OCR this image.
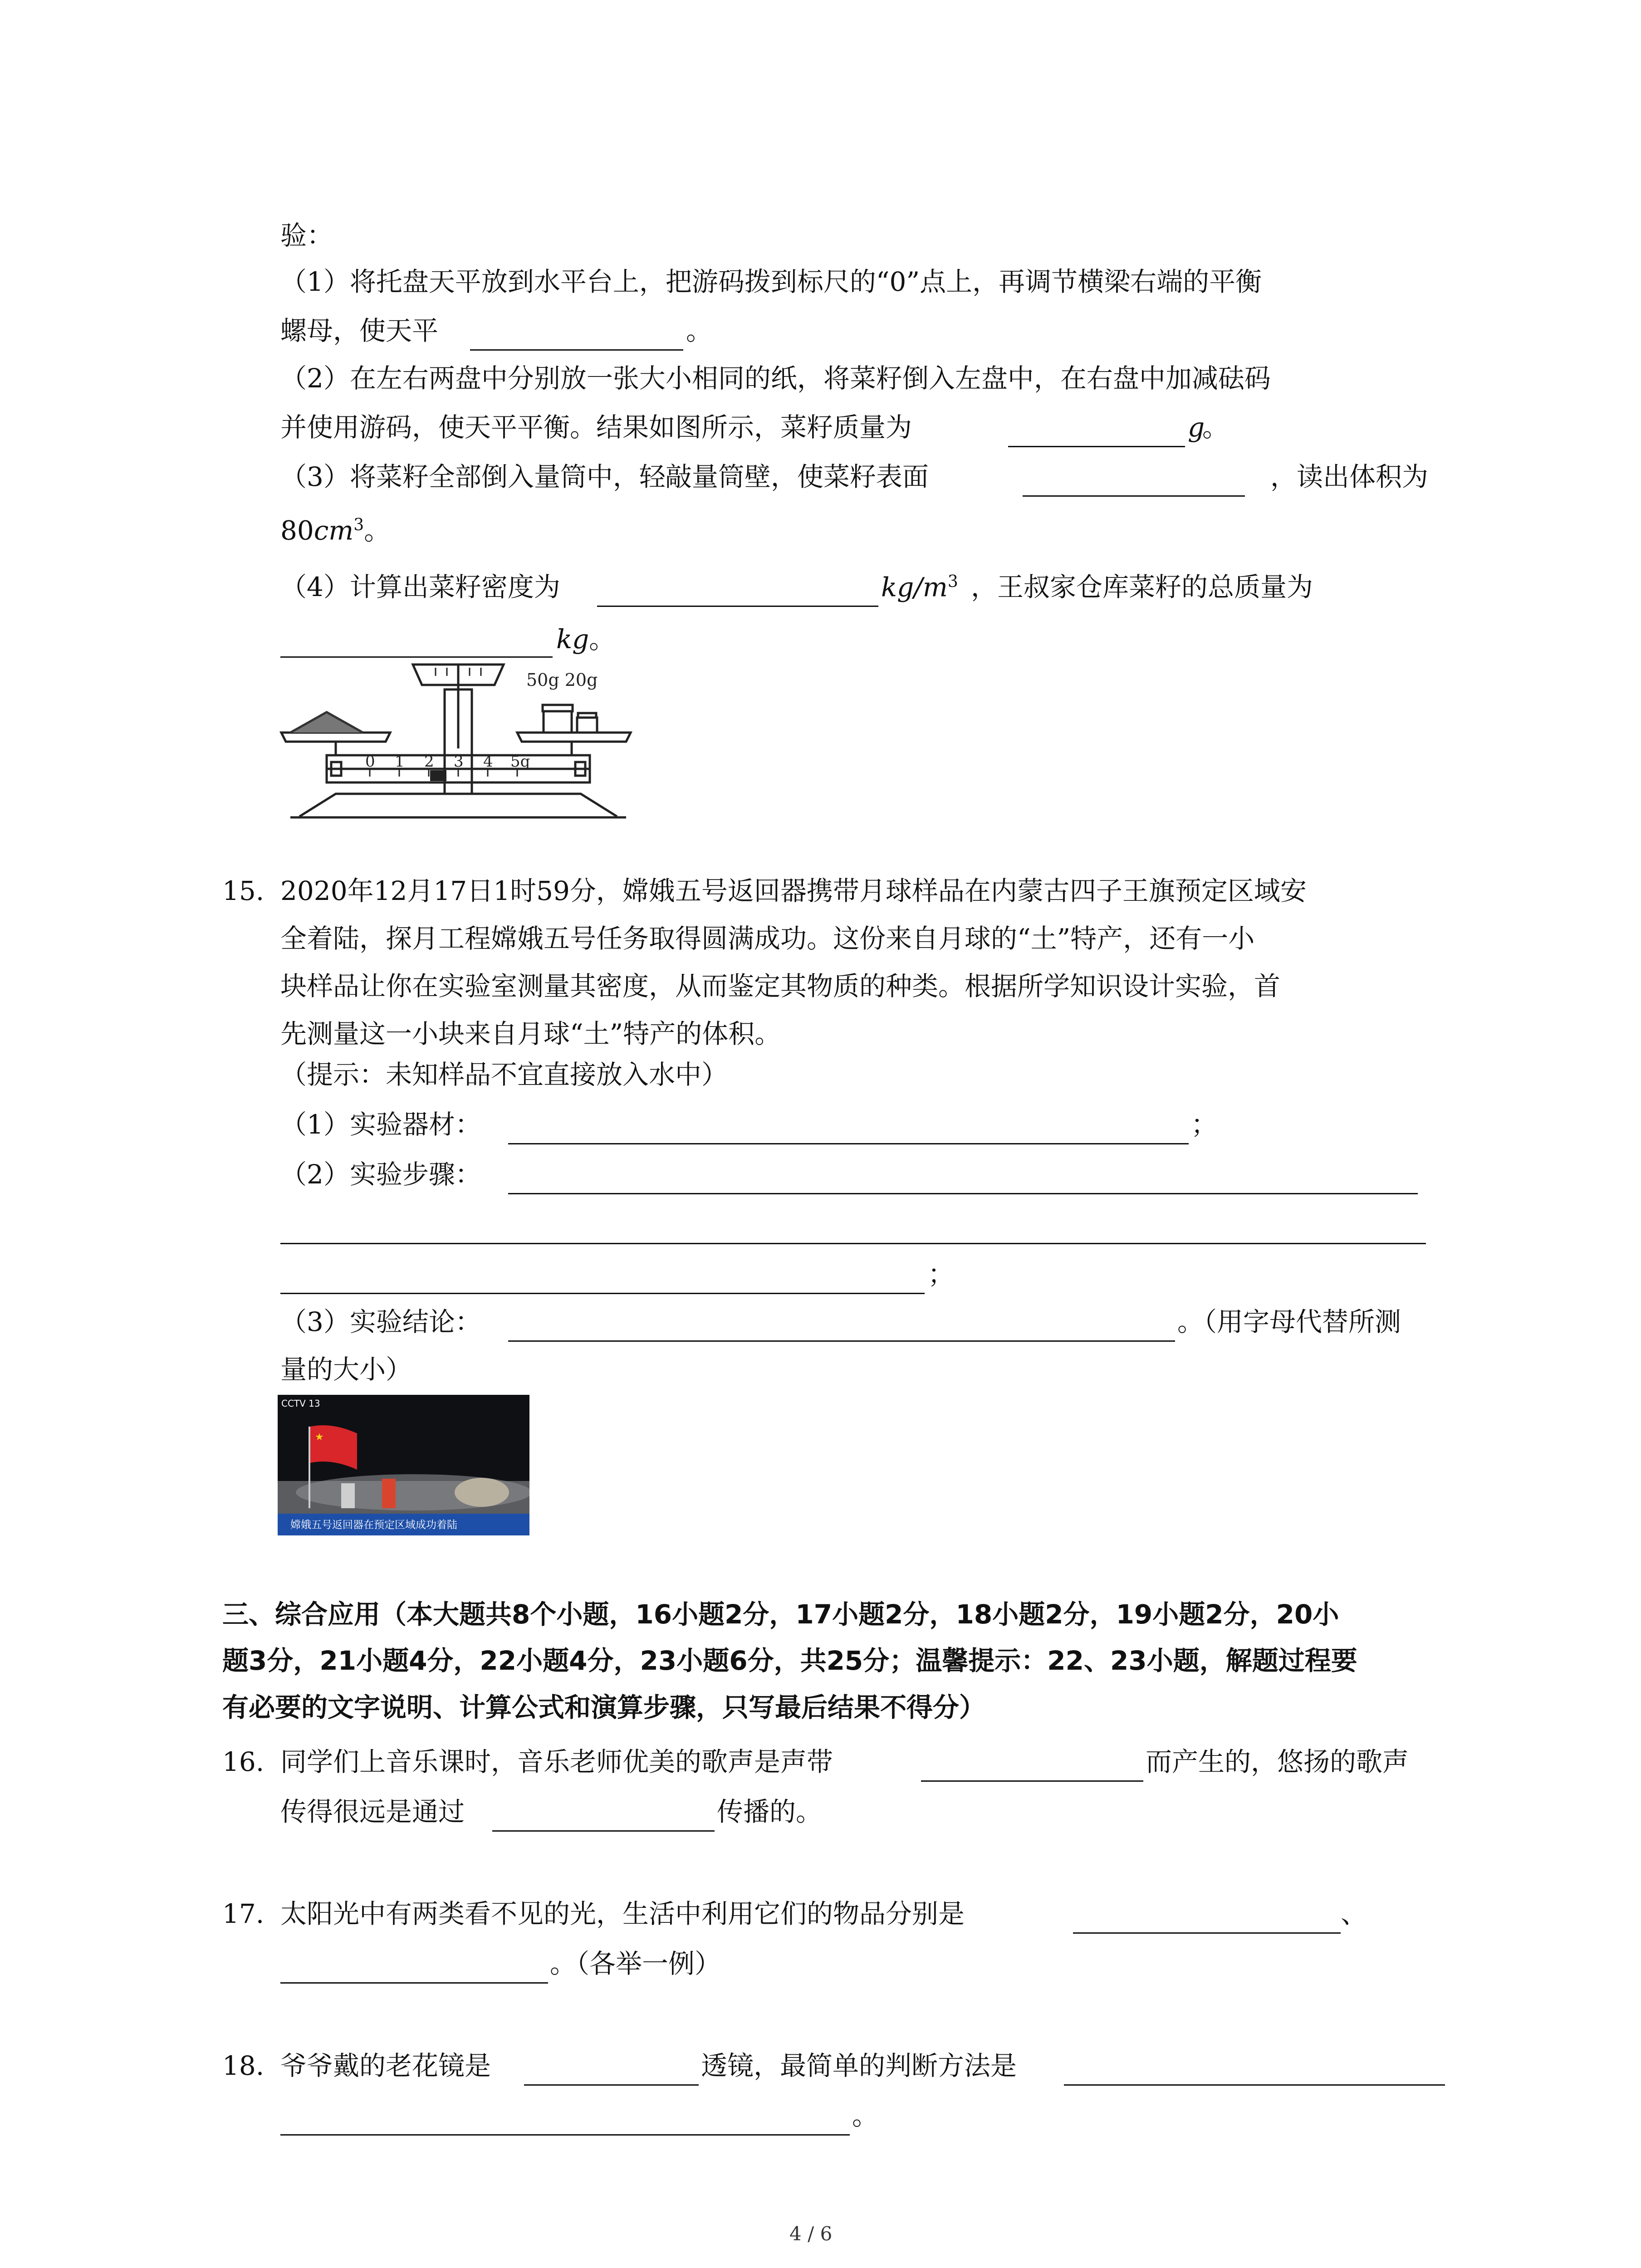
验：
（1）将托盘天平放到水平台上，把游码拨到标尺的“0”点上，再调节横梁右端的平衡
螺母，使天平	。
（2）在左右两盘中分别放一张大小相同的纸，将菜籽倒入左盘中，在右盘中加减砝码
并使用游码，使天平平衡。结果如图所示，菜籽质量为	g
。
（3）将菜籽全部倒入量筒中，轻敲量筒壁，使菜籽表面	，读出体积为
$80cm^3$。
（4）计算出菜籽密度为	$kg/m^3$ ，王叔家仓库菜籽的总质量为
kg。
0 1 2 3 4 5g
50g 20g
15. 2020年12月17日1时59分，嫦娥五号返回器携带月球样品在内蒙古四子王旗预定区域安
全着陆，探月工程嫦娥五号任务取得圆满成功。这份来自月球的“土”特产，还有一小
块样品让你在实验室测量其密度，从而鉴定其物质的种类。根据所学知识设计实验，首
先测量这一小块来自月球“土”特产的体积。
（提示：未知样品不宜直接放入水中）
（1）实验器材：	；
（2）实验步骤：
；
（3）实验结论：	。（用字母代替所测
量的大小）
★
CCTV 13
嫦娥五号返回器在预定区域成功着陆
三、综合应用（本大题共8个小题，16小题2分，17小题2分，18小题2分，19小题2分，20小
题3分，21小题4分，22小题4分，23小题6分，共25分；温馨提示：22、23小题，解题过程要
有必要的文字说明、计算公式和演算步骤，只写最后结果不得分）
16. 同学们上音乐课时，音乐老师优美的歌声是声带	而产生的，悠扬的歌声
传得很远是通过	传播的。
17. 太阳光中有两类看不见的光，生活中利用它们的物品分别是	、
。（各举一例）
18. 爷爷戴的老花镜是	透镜，最简单的判断方法是
。
4 / 6
